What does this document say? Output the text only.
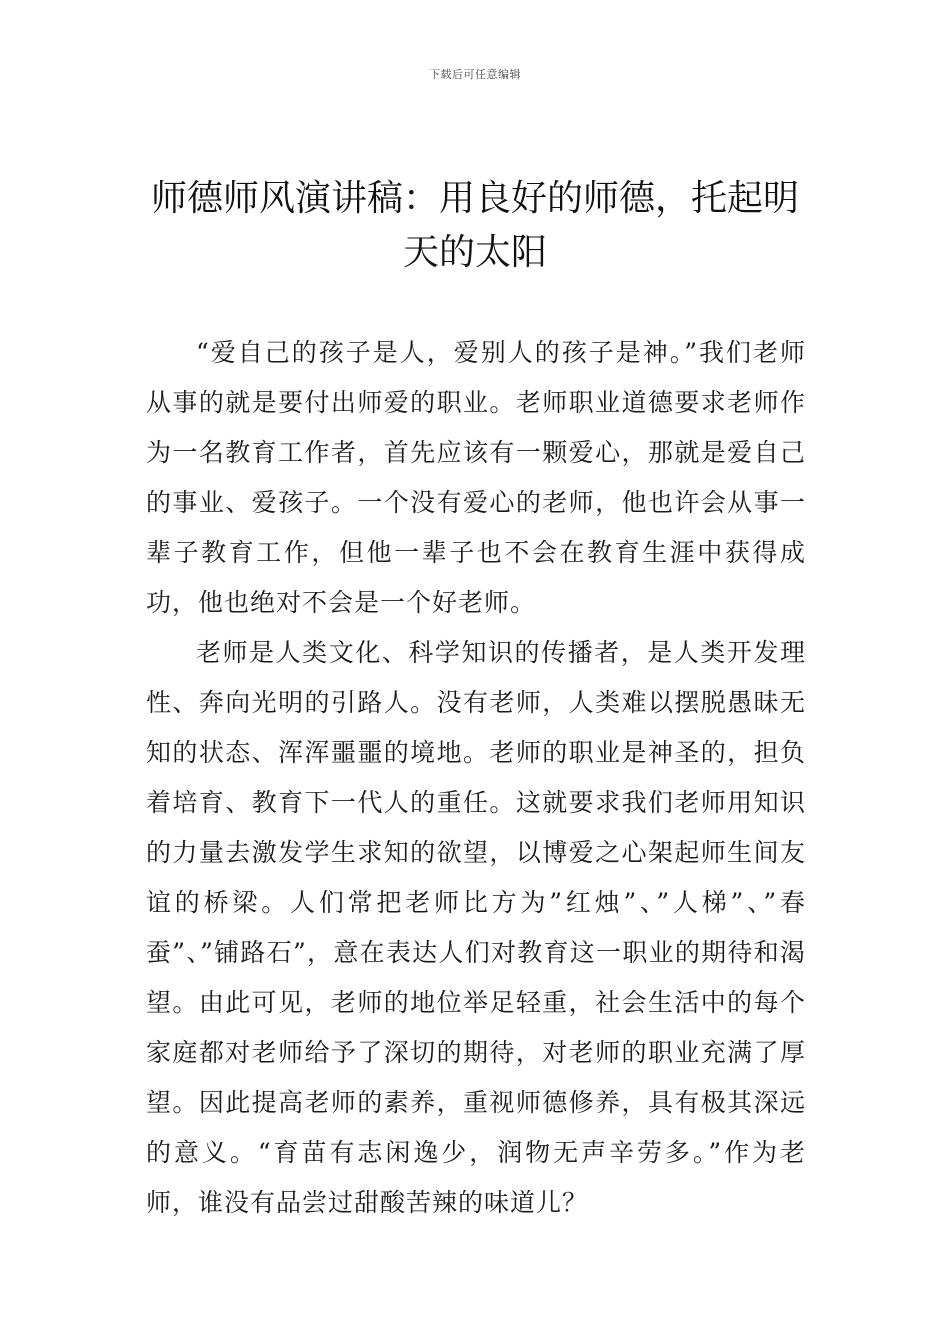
下载后可任意编辑
师德师风演讲稿：用良好的师德，托起明天的太阳

“爱自己的孩子是人，爱别人的孩子是神。”我们老师从事的就是要付出师爱的职业。老师职业道德要求老师作为一名教育工作者，首先应该有一颗爱心，那就是爱自己的事业、爱孩子。一个没有爱心的老师，他也许会从事一辈子教育工作，但他一辈子也不会在教育生涯中获得成功，他也绝对不会是一个好老师。

老师是人类文化、科学知识的传播者，是人类开发理性、奔向光明的引路人。没有老师，人类难以摆脱愚昧无知的状态、浑浑噩噩的境地。老师的职业是神圣的，担负着培育、教育下一代人的重任。这就要求我们老师用知识的力量去激发学生求知的欲望，以博爱之心架起师生间友谊的桥梁。人们常把老师比方为”红烛”、”人梯”、”春蚕”、”铺路石”，意在表达人们对教育这一职业的期待和渴望。由此可见，老师的地位举足轻重，社会生活中的每个家庭都对老师给予了深切的期待，对老师的职业充满了厚望。因此提高老师的素养，重视师德修养，具有极其深远的意义。“育苗有志闲逸少，润物无声辛劳多。”作为老师，谁没有品尝过甜酸苦辣的味道儿？
